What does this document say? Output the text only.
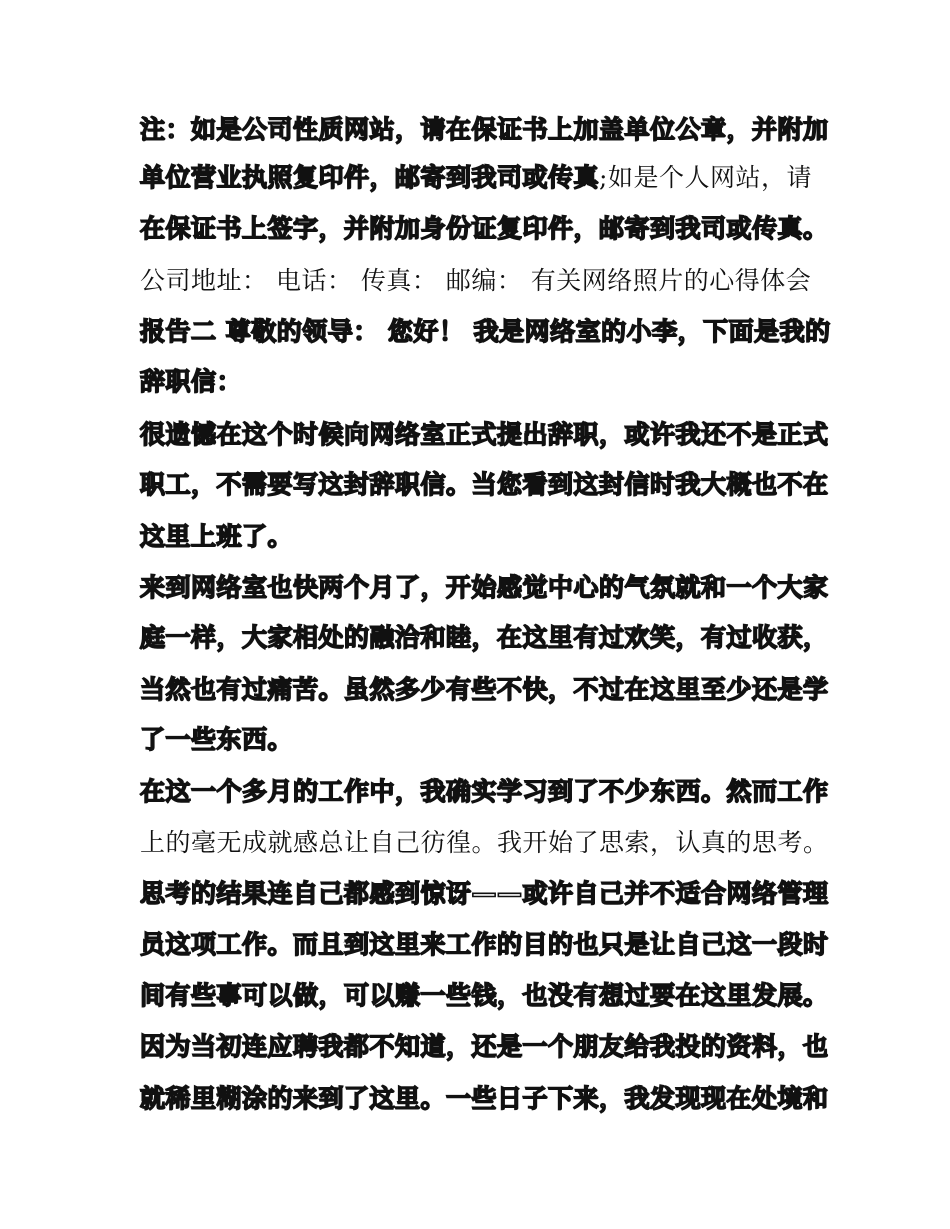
注：如是公司性质网站，请在保证书上加盖单位公章，并附加
单位营业执照复印件，邮寄到我司或传真;如是个人网站，请
在保证书上签字，并附加身份证复印件，邮寄到我司或传真。
公司地址： 电话： 传真： 邮编： 有关网络照片的心得体会
报告二 尊敬的领导： 您好！ 我是网络室的小李，下面是我的
辞职信：
很遗憾在这个时候向网络室正式提出辞职，或许我还不是正式
职工，不需要写这封辞职信。当您看到这封信时我大概也不在
这里上班了。
来到网络室也快两个月了，开始感觉中心的气氛就和一个大家
庭一样，大家相处的融洽和睦，在这里有过欢笑，有过收获，
当然也有过痛苦。虽然多少有些不快，不过在这里至少还是学
了一些东西。
在这一个多月的工作中，我确实学习到了不少东西。然而工作
上的毫无成就感总让自己彷徨。我开始了思索，认真的思考。
思考的结果连自己都感到惊讶——或许自己并不适合网络管理
员这项工作。而且到这里来工作的目的也只是让自己这一段时
间有些事可以做，可以赚一些钱，也没有想过要在这里发展。
因为当初连应聘我都不知道，还是一个朋友给我投的资料，也
就稀里糊涂的来到了这里。一些日子下来，我发现现在处境和
